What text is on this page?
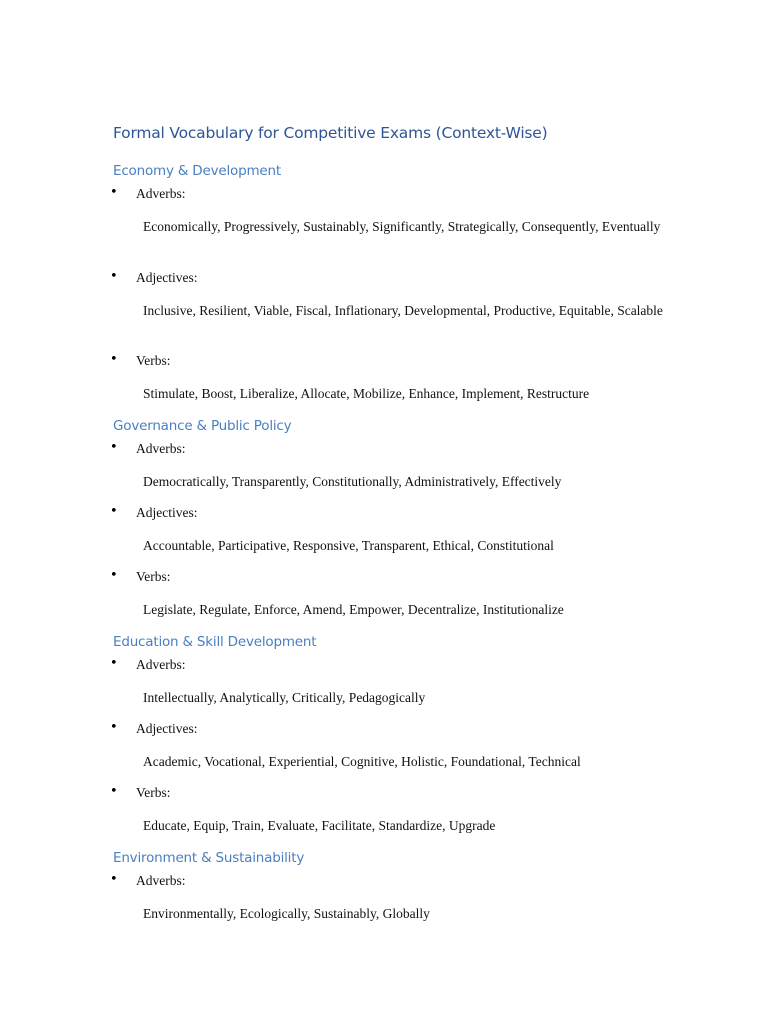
Formal Vocabulary for Competitive Exams (Context-Wise)
Economy & Development
• Adverbs:

Economically, Progressively, Sustainably, Significantly, Strategically, Consequently, Eventually

• Adjectives:

Inclusive, Resilient, Viable, Fiscal, Inflationary, Developmental, Productive, Equitable, Scalable

• Verbs:

Stimulate, Boost, Liberalize, Allocate, Mobilize, Enhance, Implement, Restructure

Governance & Public Policy
• Adverbs:

Democratically, Transparently, Constitutionally, Administratively, Effectively

• Adjectives:

Accountable, Participative, Responsive, Transparent, Ethical, Constitutional

• Verbs:

Legislate, Regulate, Enforce, Amend, Empower, Decentralize, Institutionalize

Education & Skill Development
• Adverbs:

Intellectually, Analytically, Critically, Pedagogically

• Adjectives:

Academic, Vocational, Experiential, Cognitive, Holistic, Foundational, Technical

• Verbs:

Educate, Equip, Train, Evaluate, Facilitate, Standardize, Upgrade

Environment & Sustainability
• Adverbs:

Environmentally, Ecologically, Sustainably, Globally
